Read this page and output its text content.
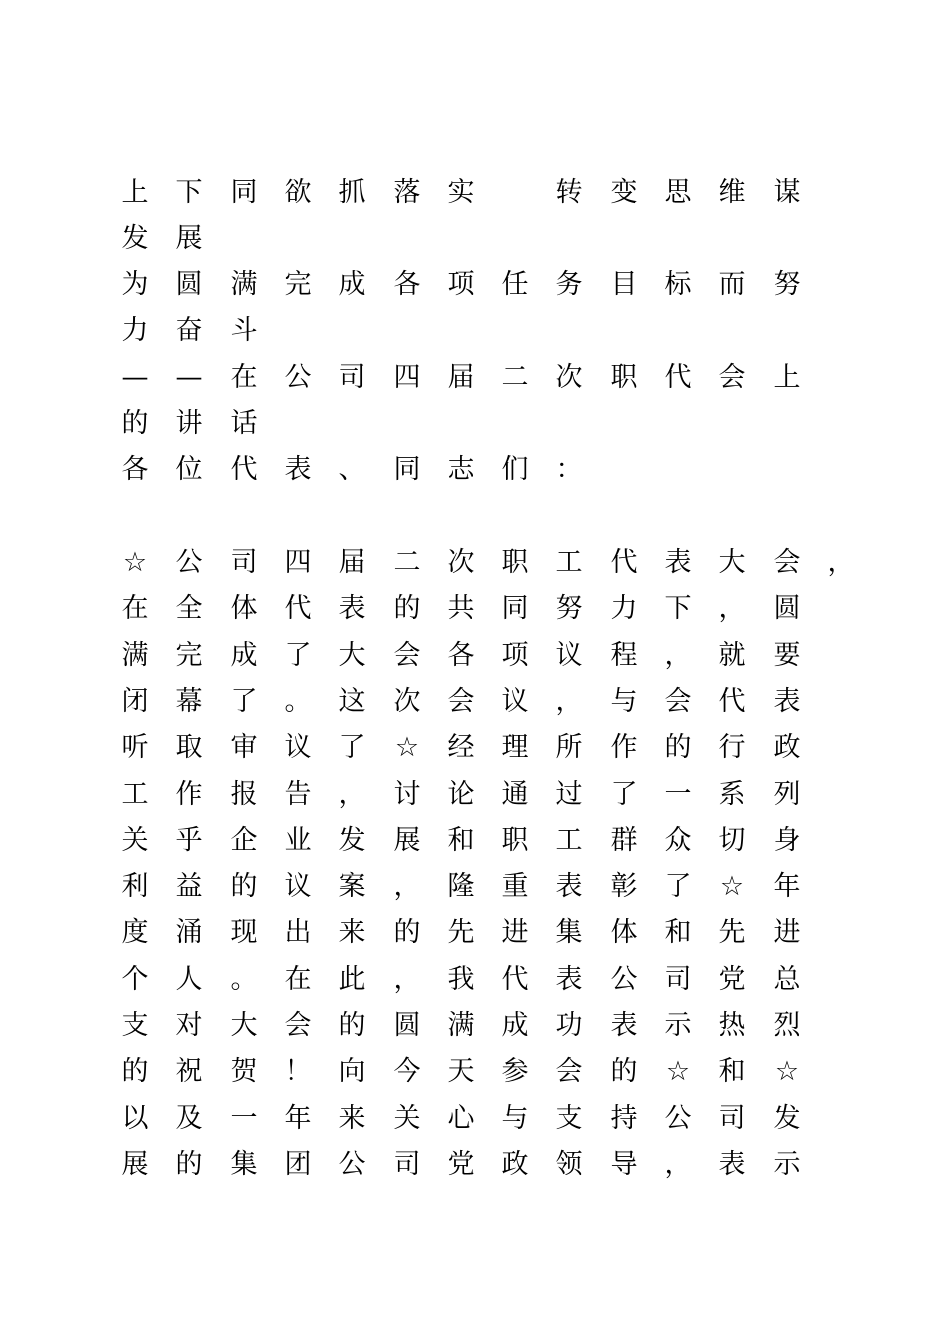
上 下 同 欲 抓 落 实
　	转 变 思 维 谋
发 展
为 圆 满 完 成 各 项 任 务 目 标 而 努
力 奋 斗
— — 在 公 司 四 届 二 次 职 代 会 上
的 讲 话
各 位 代 表 、 同 志 们 ：
☆ 公 司 四 届 二 次 职 工 代 表 大 会 ，
在 全 体 代 表 的 共 同 努 力 下 ， 圆
满 完 成 了 大 会 各 项 议 程 ， 就 要
闭 幕 了 。 这 次 会 议 ， 与 会 代 表
听 取 审 议 了 ☆ 经 理 所 作 的 行 政
工 作 报 告 ， 讨 论 通 过 了 一 系 列
关 乎 企 业 发 展 和 职 工 群 众 切 身
利 益 的 议 案 ， 隆 重 表 彰 了 ☆ 年
度 涌 现 出 来 的 先 进 集 体 和 先 进
个 人 。 在 此 ， 我 代 表 公 司 党 总
支 对 大 会 的 圆 满 成 功 表 示 热 烈
的 祝 贺 ！ 向 今 天 参 会 的 ☆ 和 ☆
以 及 一 年 来 关 心 与 支 持 公 司 发
展 的 集 团 公 司 党 政 领 导 ， 表 示
